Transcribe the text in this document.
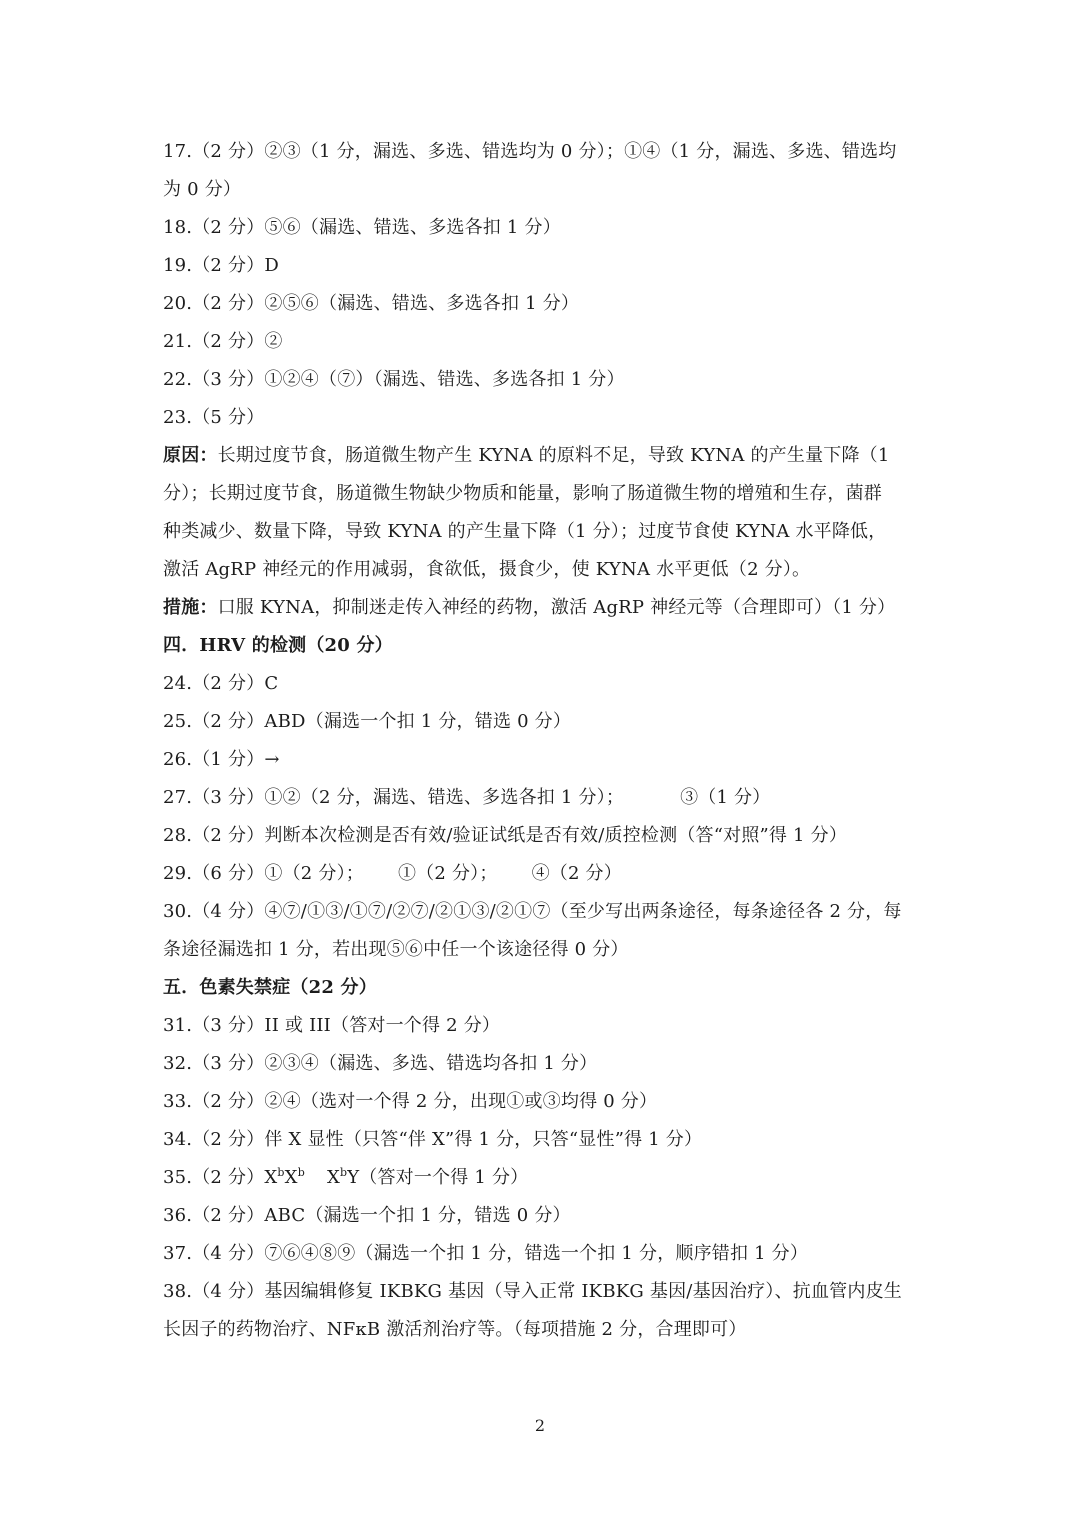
17.（2 分）②③（1 分，漏选、多选、错选均为 0 分）；①④（1 分，漏选、多选、错选均
为 0 分）
18.（2 分）⑤⑥（漏选、错选、多选各扣 1 分）
19.（2 分）D
20.（2 分）②⑤⑥（漏选、错选、多选各扣 1 分）
21.（2 分）②
22.（3 分）①②④（⑦）（漏选、错选、多选各扣 1 分）
23.（5 分）
原因：长期过度节食，肠道微生物产生 KYNA 的原料不足，导致 KYNA 的产生量下降（1
分）；长期过度节食，肠道微生物缺少物质和能量，影响了肠道微生物的增殖和生存，菌群
种类减少、数量下降，导致 KYNA 的产生量下降（1 分）；过度节食使 KYNA 水平降低，
激活 AgRP 神经元的作用减弱，食欲低，摄食少，使 KYNA 水平更低（2 分）。
措施：口服 KYNA，抑制迷走传入神经的药物，激活 AgRP 神经元等（合理即可）（1 分）
四．HRV 的检测（20 分）
24.（2 分）C
25.（2 分）ABD（漏选一个扣 1 分，错选 0 分）
26.（1 分）→
27.（3 分）①②（2 分，漏选、错选、多选各扣 1 分）；	③（1 分）
28.（2 分）判断本次检测是否有效/验证试纸是否有效/质控检测（答“对照”得 1 分）
29.（6 分）①（2 分）； ①（2 分）； ④（2 分）
30.（4 分）④⑦/①③/①⑦/②⑦/②①③/②①⑦（至少写出两条途径，每条途径各 2 分，每
条途径漏选扣 1 分，若出现⑤⑥中任一个该途径得 0 分）
五．色素失禁症（22 分）
31.（3 分）II 或 III（答对一个得 2 分）
32.（3 分）②③④（漏选、多选、错选均各扣 1 分）
33.（2 分）②④（选对一个得 2 分，出现①或③均得 0 分）
34.（2 分）伴 X 显性（只答“伴 X”得 1 分，只答“显性”得 1 分）
35.（2 分）$X^bX^b$ $X^bY$（答对一个得 1 分）
36.（2 分）ABC（漏选一个扣 1 分，错选 0 分）
37.（4 分）⑦⑥④⑧⑨（漏选一个扣 1 分，错选一个扣 1 分，顺序错扣 1 分）
38.（4 分）基因编辑修复 IKBKG 基因（导入正常 IKBKG 基因/基因治疗）、抗血管内皮生
长因子的药物治疗、NFκB 激活剂治疗等。（每项措施 2 分，合理即可）
2
